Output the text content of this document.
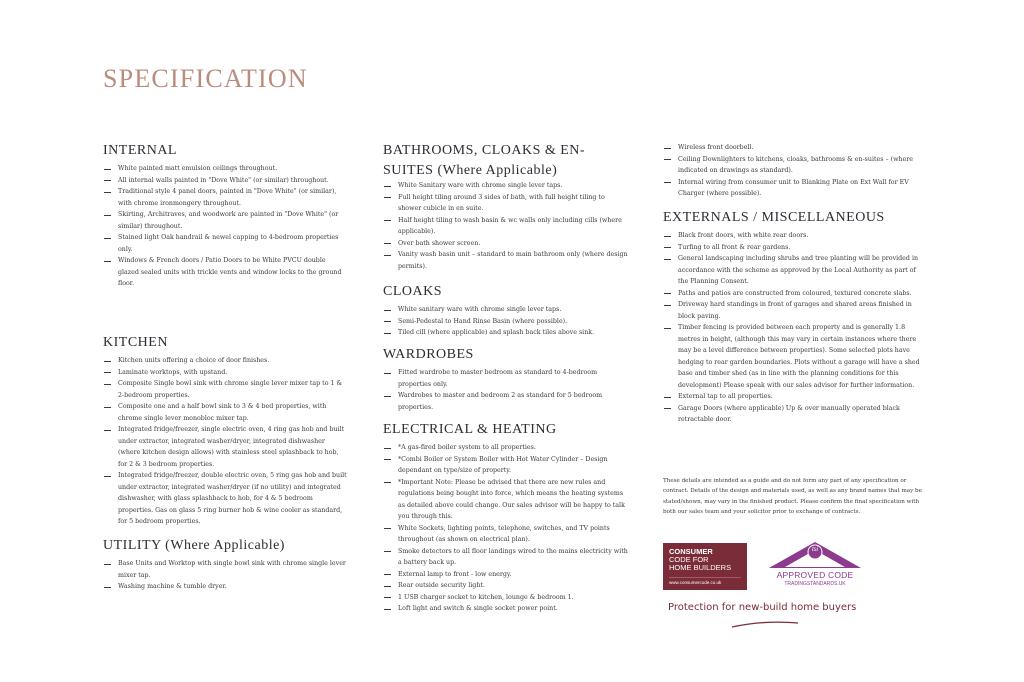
SPECIFICATION
INTERNAL
White painted matt emulsion ceilings throughout.
All internal walls painted in "Dove White" (or similar) throughout.
Traditional style 4 panel doors, painted in "Dove White" (or similar), with chrome ironmongery throughout.
Skirting, Architraves, and woodwork are painted in "Dove White" (or similar) throughout.
Stained light Oak handrail & newel capping to 4-bedroom properties only.
Windows & French doors / Patio Doors to be White PVCU double glazed sealed units with trickle vents and window locks to the ground floor.
KITCHEN
Kitchen units offering a choice of door finishes.
Laminate worktops, with upstand.
Composite Single bowl sink with chrome single lever mixer tap to 1 & 2-bedroom properties.
Composite one and a half bowl sink to 3 & 4 bed properties, with chrome single lever monobloc mixer tap.
Integrated fridge/freezer, single electric oven, 4 ring gas hob and built under extractor, integrated washer/dryer, integrated dishwasher (where kitchen design allows) with stainless steel splashback to hob, for 2 & 3 bedroom properties.
Integrated fridge/freezer, double electric oven, 5 ring gas hob and built under extractor, integrated washer/dryer (if no utility) and integrated dishwasher, with glass splashback to hob, for 4 & 5 bedroom properties. Gas on glass 5 ring burner hob & wine cooler as standard, for 5 bedroom properties.
UTILITY (Where Applicable)
Base Units and Worktop with single bowl sink with chrome single lever mixer tap.
Washing machine & tumble dryer.
BATHROOMS, CLOAKS & EN-SUITES (Where Applicable)
White Sanitary ware with chrome single lever taps.
Full height tiling around 3 sides of bath, with full height tiling to shower cubicle in en suite.
Half height tiling to wash basin & wc walls only including cills (where applicable).
Over bath shower screen.
Vanity wash basin unit – standard to main bathroom only (where design permits).
CLOAKS
White sanitary ware with chrome single lever taps.
Semi-Pedestal to Hand Rinse Basin (where possible).
Tiled cill (where applicable) and splash back tiles above sink.
WARDROBES
Fitted wardrobe to master bedroom as standard to 4-bedroom properties only.
Wardrobes to master and bedroom 2 as standard for 5 bedroom properties.
ELECTRICAL & HEATING
*A gas-fired boiler system to all properties.
*Combi Boiler or System Boiler with Hot Water Cylinder – Design dependant on type/size of property.
*Important Note: Please be advised that there are new rules and regulations being bought into force, which means the heating systems as detailed above could change. Our sales advisor will be happy to talk you through this.
White Sockets, lighting points, telephone, switches, and TV points throughout (as shown on electrical plan).
Smoke detectors to all floor landings wired to the mains electricity with a battery back up.
External lamp to front - low energy.
Rear outside security light.
1 USB charger socket to kitchen, lounge & bedroom 1.
Loft light and switch & single socket power point.
Wireless front doorbell.
Ceiling Downlighters to kitchens, cloaks, bathrooms & en-suites – (where indicated on drawings as standard).
Internal wiring from consumer unit to Blanking Plate on Ext Wall for EV Charger (where possible).
EXTERNALS / MISCELLANEOUS
Black front doors, with white rear doors.
Turfing to all front & rear gardens.
General landscaping including shrubs and tree planting will be provided in accordance with the scheme as approved by the Local Authority as part of the Planning Consent.
Paths and patios are constructed from coloured, textured concrete slabs.
Driveway hard standings in front of garages and shared areas finished in block paving.
Timber fencing is provided between each property and is generally 1.8 metres in height, (although this may vary in certain instances where there may be a level difference between properties). Some selected plots have hedging to rear garden boundaries. Plots without a garage will have a shed base and timber shed (as in line with the planning conditions for this development) Please speak with our sales advisor for further information.
External tap to all properties.
Garage Doors (where applicable) Up & over manually operated black retractable door.

These details are intended as a guide and do not form any part of any specification or contract. Details of the design and materials used, as well as any brand names that may be stated/shown, may vary in the finished product. Please confirm the final specification with both our sales team and your solicitor prior to exchange of contracts.

CONSUMER
CODE FOR
HOME BUILDERS
www.consumercode.co.uk
tsi
APPROVED CODE
TRADINGSTANDARDS.UK
Protection for new-build home buyers
